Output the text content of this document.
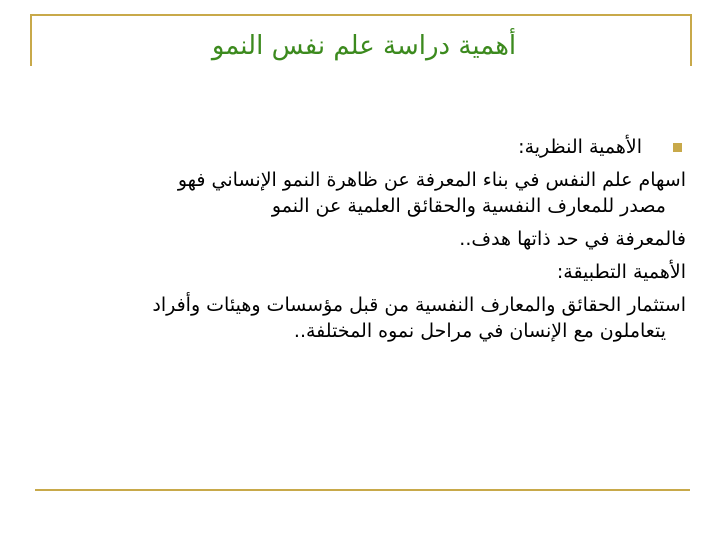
أهمية دراسة علم نفس النمو
الأهمية النظرية:
اسهام علم النفس في بناء المعرفة عن ظاهرة النمو الإنساني فهو
مصدر للمعارف النفسية والحقائق العلمية عن النمو
فالمعرفة في حد ذاتها هدف..
الأهمية التطبيقة:
استثمار الحقائق والمعارف النفسية من قبل مؤسسات وهيئات وأفراد
يتعاملون مع الإنسان في مراحل نموه المختلفة..
